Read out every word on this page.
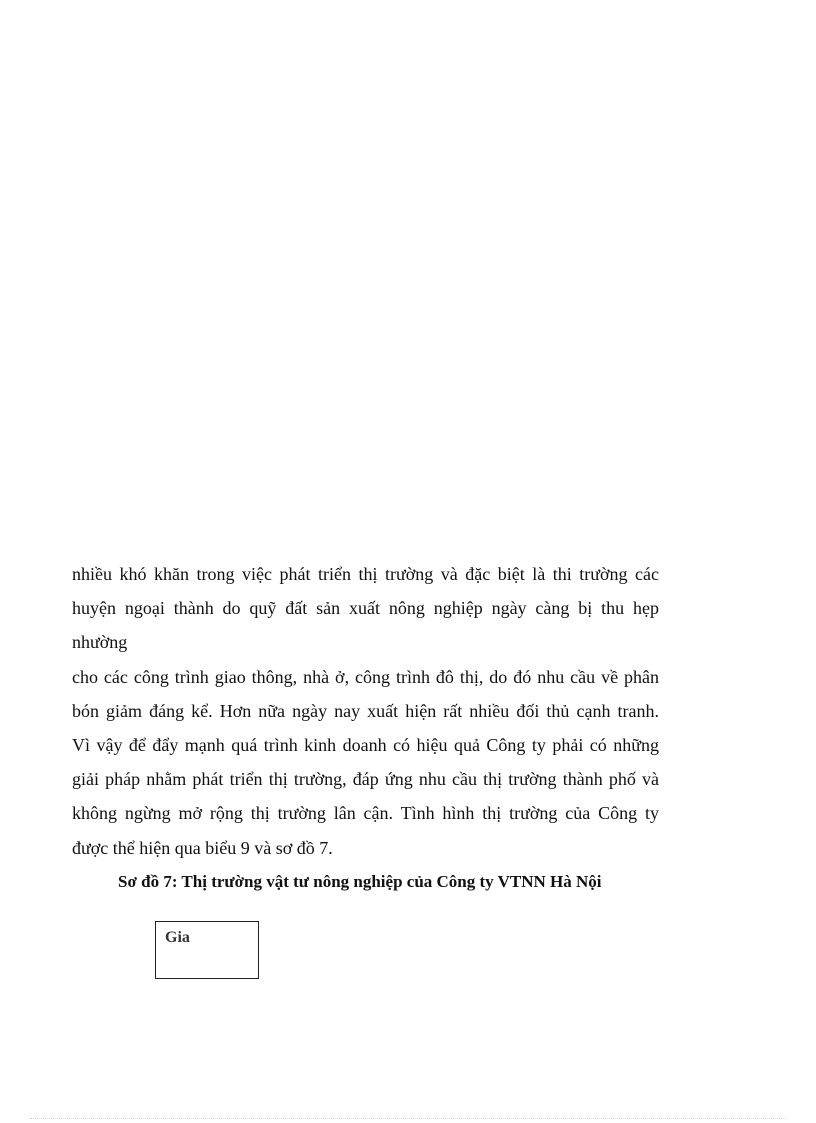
nhiều khó khăn trong việc phát triển thị trường và đặc biệt là thi trường các
huyện ngoại thành do quỹ đất sản xuất nông nghiệp ngày càng bị thu hẹp
nhường
cho các công trình giao thông, nhà ở, công trình đô thị, do đó nhu cầu về phân
bón giảm đáng kể. Hơn nữa ngày nay xuất hiện rất nhiều đối thủ cạnh tranh.
Vì vậy để đẩy mạnh quá trình kinh doanh có hiệu quả Công ty phải có những
giải pháp nhằm phát triển thị trường, đáp ứng nhu cầu thị trường thành phố và
không ngừng mở rộng thị trường lân cận. Tình hình thị trường của Công ty
được thể hiện qua biểu 9 và sơ đồ 7.
Sơ đồ 7: Thị trường vật tư nông nghiệp của Công ty VTNN Hà Nội
Gia
